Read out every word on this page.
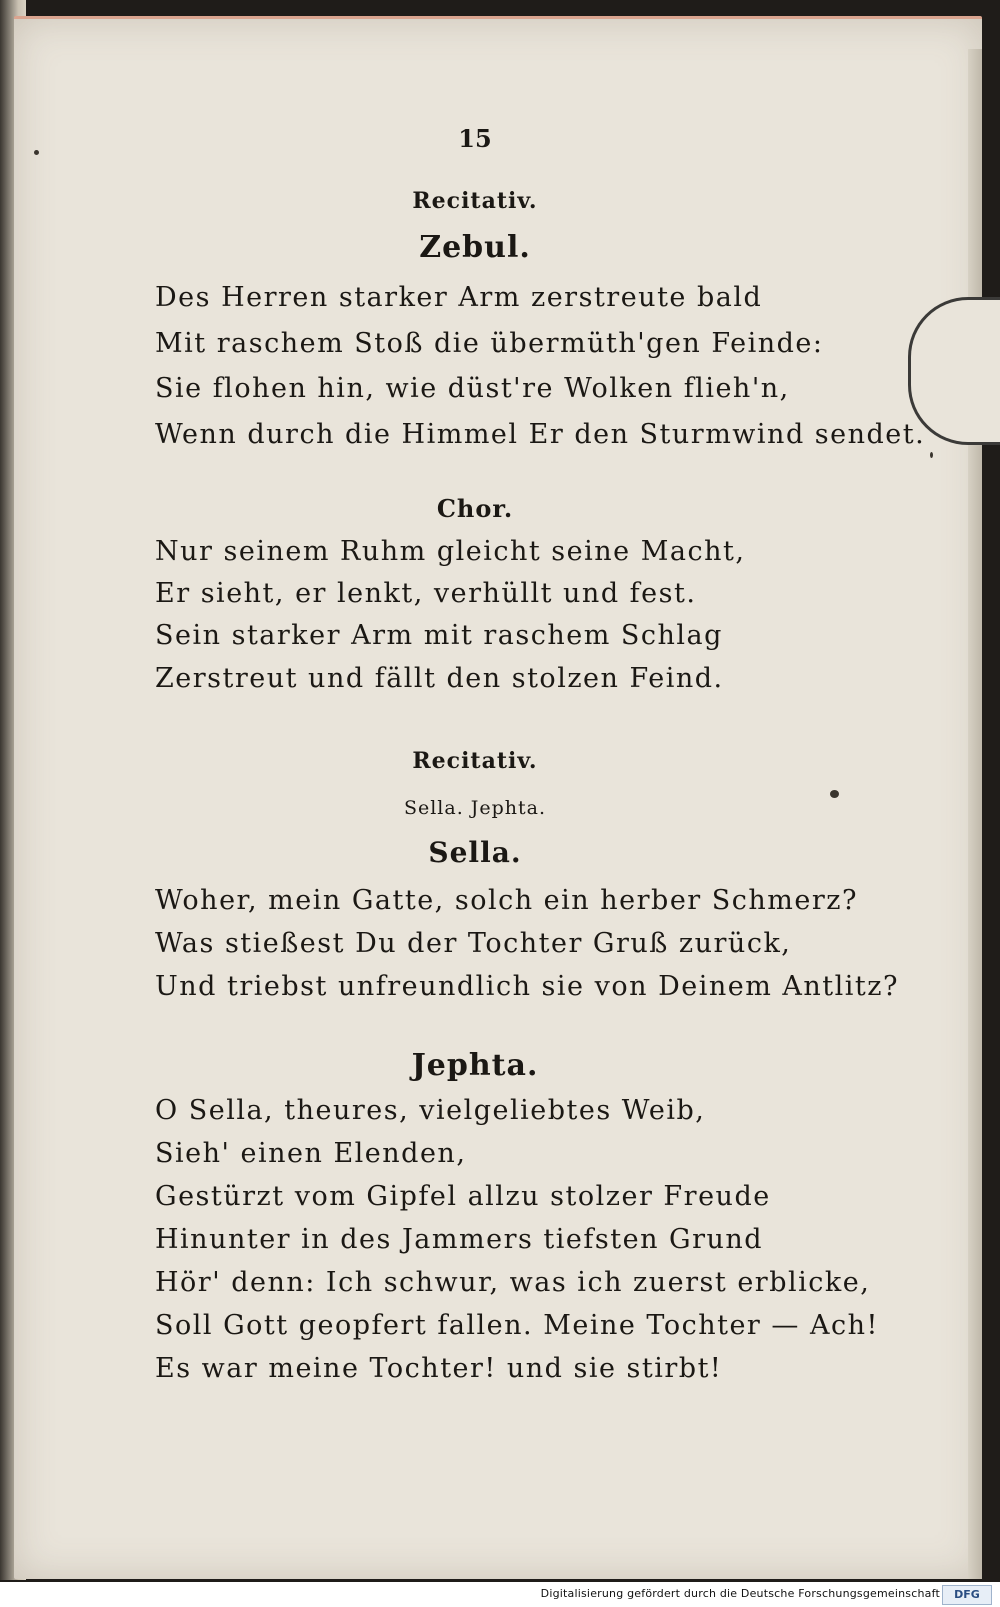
15
Recitativ.
Zebul.
Des Herren starker Arm zerstreute bald
Mit raschem Stoß die übermüth'gen Feinde:
Sie flohen hin, wie düst're Wolken flieh'n,
Wenn durch die Himmel Er den Sturmwind sendet.
Chor.
Nur seinem Ruhm gleicht seine Macht,
Er sieht, er lenkt, verhüllt und fest.
Sein starker Arm mit raschem Schlag
Zerstreut und fällt den stolzen Feind.
Recitativ.
Sella. Jephta.
Sella.
Woher, mein Gatte, solch ein herber Schmerz?
Was stießest Du der Tochter Gruß zurück,
Und triebst unfreundlich sie von Deinem Antlitz?
Jephta.
O Sella, theures, vielgeliebtes Weib,
Sieh' einen Elenden,
Gestürzt vom Gipfel allzu stolzer Freude
Hinunter in des Jammers tiefsten Grund
Hör' denn: Ich schwur, was ich zuerst erblicke,
Soll Gott geopfert fallen. Meine Tochter — Ach!
Es war meine Tochter! und sie stirbt!
Digitalisierung gefördert durch die Deutsche Forschungsgemeinschaft	DFG
